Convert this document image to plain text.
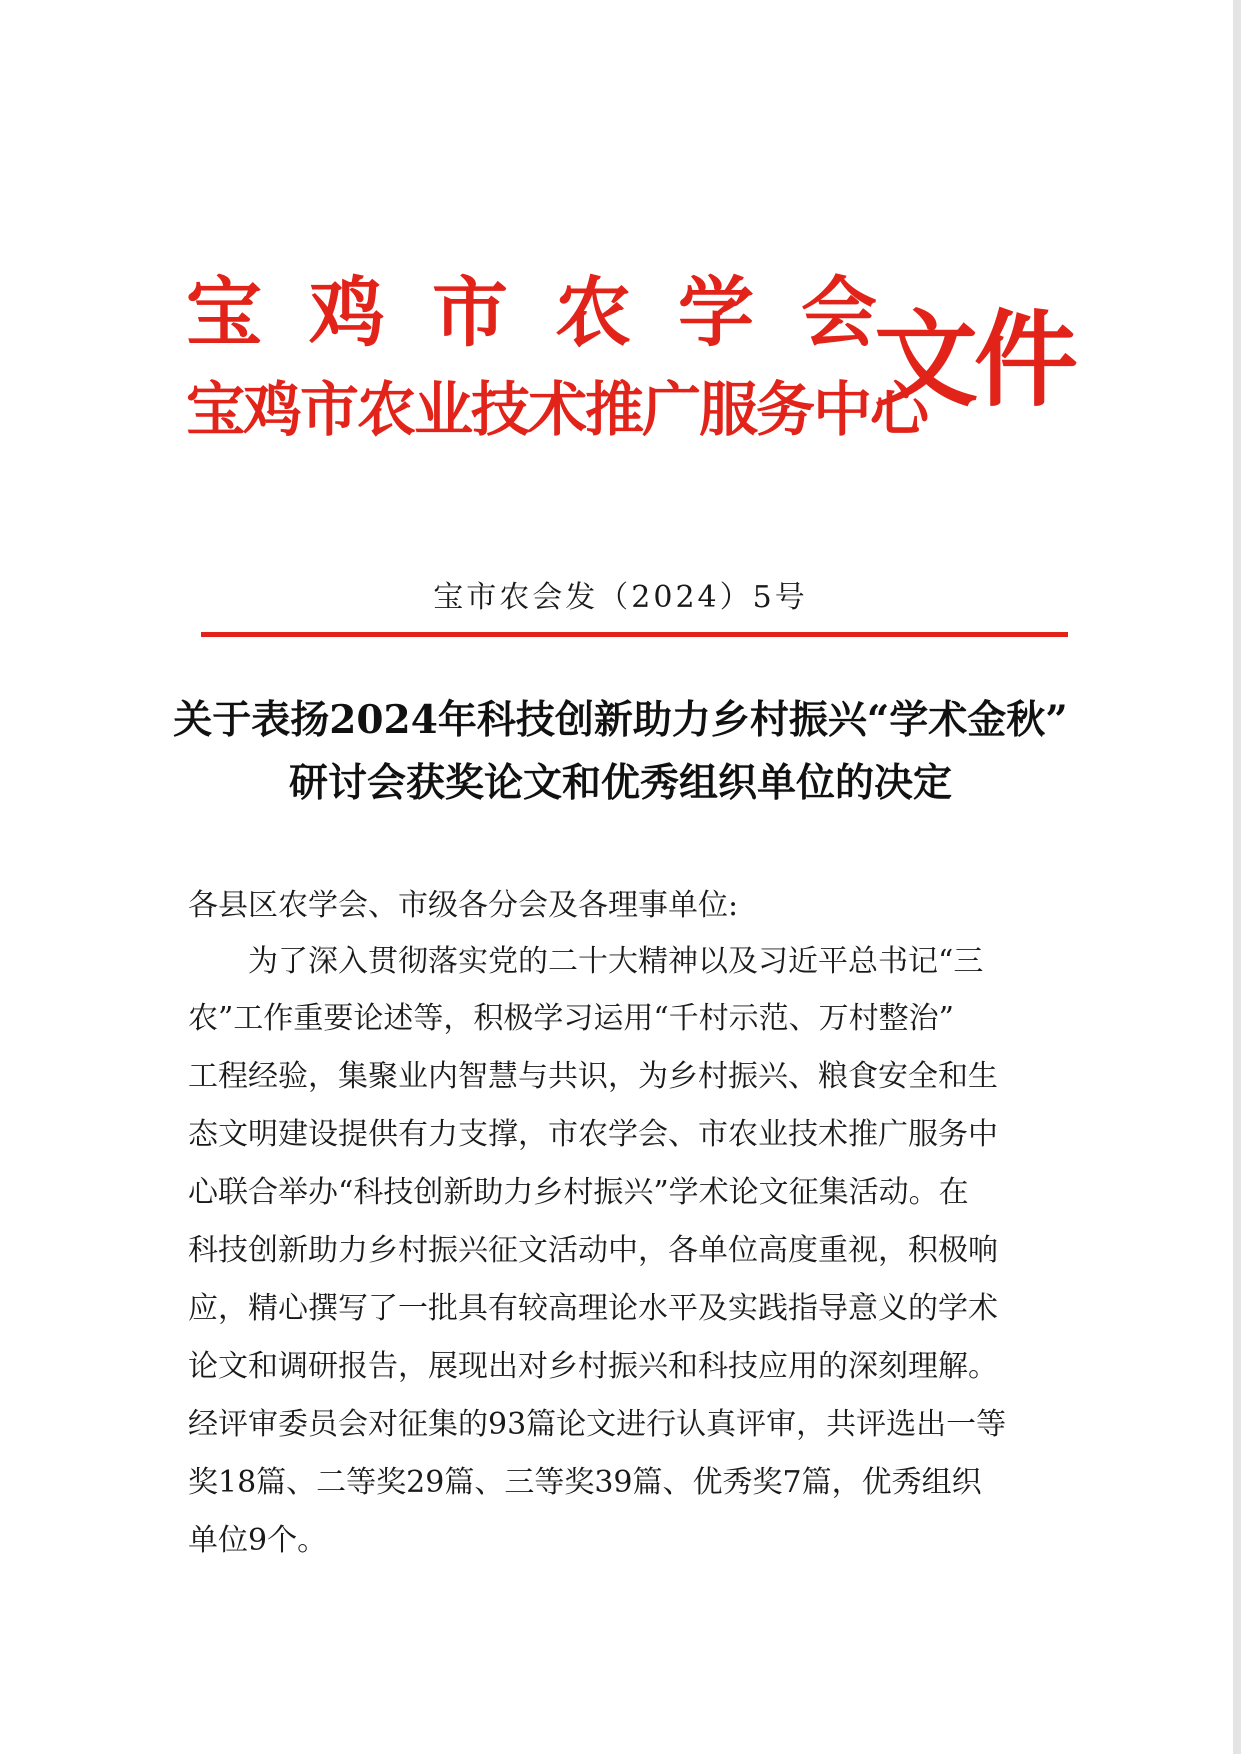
宝鸡市农学会
宝鸡市农业技术推广服务中心
文件
宝市农会发（2024）5号
关于表扬2024年科技创新助力乡村振兴“学术金秋”
研讨会获奖论文和优秀组织单位的决定
各县区农学会、市级各分会及各理事单位:
　　为了深入贯彻落实党的二十大精神以及习近平总书记“三
农”工作重要论述等，积极学习运用“千村示范、万村整治”
工程经验，集聚业内智慧与共识，为乡村振兴、粮食安全和生
态文明建设提供有力支撑，市农学会、市农业技术推广服务中
心联合举办“科技创新助力乡村振兴”学术论文征集活动。在
科技创新助力乡村振兴征文活动中，各单位高度重视，积极响
应，精心撰写了一批具有较高理论水平及实践指导意义的学术
论文和调研报告，展现出对乡村振兴和科技应用的深刻理解。
经评审委员会对征集的93篇论文进行认真评审，共评选出一等
奖18篇、二等奖29篇、三等奖39篇、优秀奖7篇，优秀组织
单位9个。
